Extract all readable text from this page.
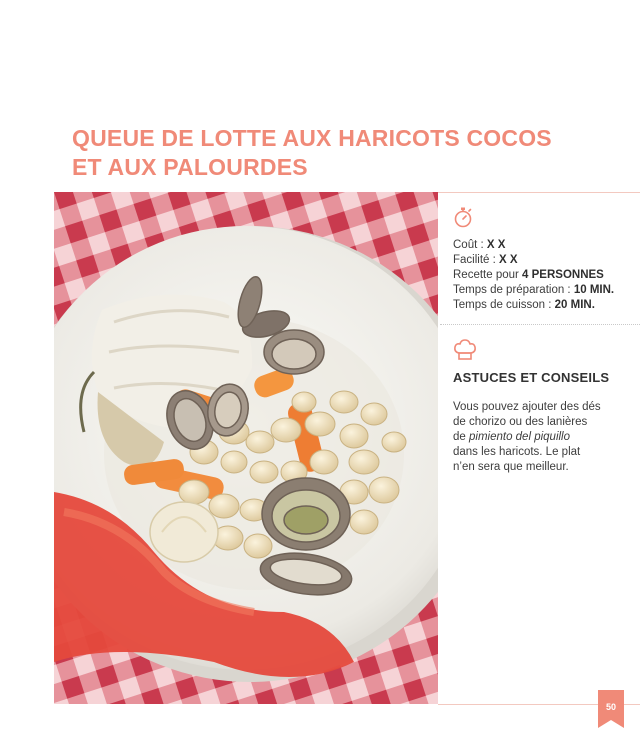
QUEUE DE LOTTE AUX HARICOTS COCOS
ET AUX PALOURDES
Coût : X X
Facilité : X X
Recette pour 4 PERSONNES
Temps de préparation : 10 MIN.
Temps de cuisson : 20 MIN.
ASTUCES ET CONSEILS

Vous pouvez ajouter des dés
de chorizo ou des lanières
de pimiento del piquillo
dans les haricots. Le plat
n’en sera que meilleur.

50
